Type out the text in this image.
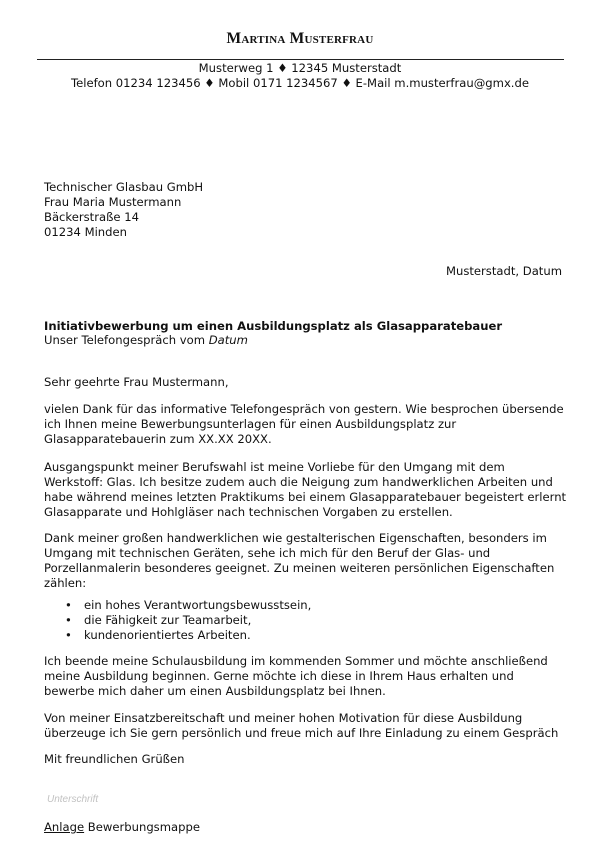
Martina Musterfrau
Musterweg 1 ♦ 12345 Musterstadt
Telefon 01234 123456 ♦ Mobil 0171 1234567 ♦ E-Mail m.musterfrau@gmx.de
Technischer Glasbau GmbH
Frau Maria Mustermann
Bäckerstraße 14
01234 Minden
Musterstadt, Datum
Initiativbewerbung um einen Ausbildungsplatz als Glasapparatebauer
Unser Telefongespräch vom Datum
Sehr geehrte Frau Mustermann,
vielen Dank für das informative Telefongespräch von gestern. Wie besprochen übersende
ich Ihnen meine Bewerbungsunterlagen für einen Ausbildungsplatz zur
Glasapparatebauerin zum XX.XX 20XX.
Ausgangspunkt meiner Berufswahl ist meine Vorliebe für den Umgang mit dem
Werkstoff: Glas. Ich besitze zudem auch die Neigung zum handwerklichen Arbeiten und
habe während meines letzten Praktikums bei einem Glasapparatebauer begeistert erlernt
Glasapparate und Hohlgläser nach technischen Vorgaben zu erstellen.
Dank meiner großen handwerklichen wie gestalterischen Eigenschaften, besonders im
Umgang mit technischen Geräten, sehe ich mich für den Beruf der Glas- und
Porzellanmalerin besonderes geeignet. Zu meinen weiteren persönlichen Eigenschaften
zählen:
• ein hohes Verantwortungsbewusstsein,
• die Fähigkeit zur Teamarbeit,
• kundenorientiertes Arbeiten.
Ich beende meine Schulausbildung im kommenden Sommer und möchte anschließend
meine Ausbildung beginnen. Gerne möchte ich diese in Ihrem Haus erhalten und
bewerbe mich daher um einen Ausbildungsplatz bei Ihnen.
Von meiner Einsatzbereitschaft und meiner hohen Motivation für diese Ausbildung
überzeuge ich Sie gern persönlich und freue mich auf Ihre Einladung zu einem Gespräch
Mit freundlichen Grüßen
Unterschrift
Anlage Bewerbungsmappe
